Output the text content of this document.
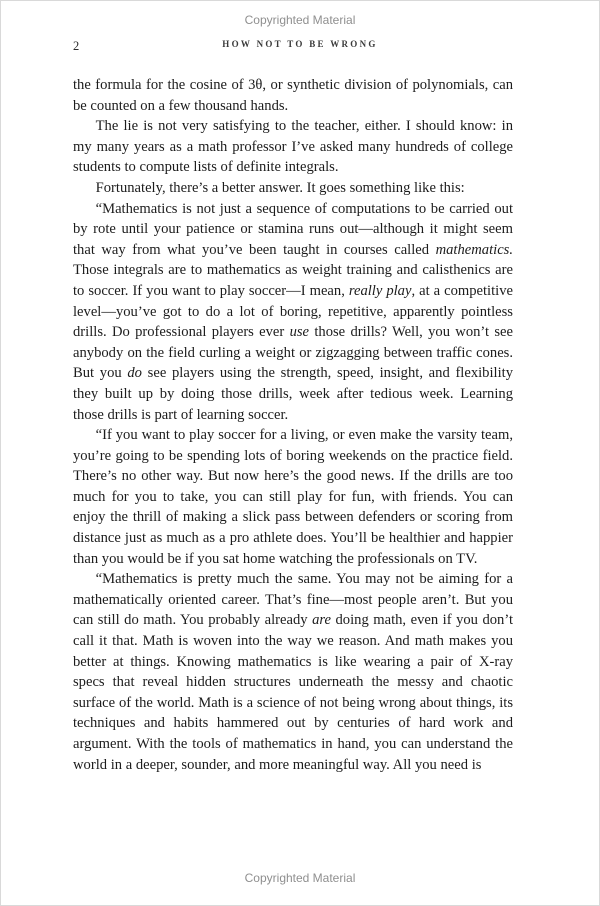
Copyrighted Material
2	HOW NOT TO BE WRONG

the formula for the cosine of 3θ, or synthetic division of polynomials, can be counted on a few thousand hands.

The lie is not very satisfying to the teacher, either. I should know: in my many years as a math professor I’ve asked many hundreds of college students to compute lists of definite integrals.

Fortunately, there’s a better answer. It goes something like this:

“Mathematics is not just a sequence of computations to be carried out by rote until your patience or stamina runs out—although it might seem that way from what you’ve been taught in courses called mathematics. Those integrals are to mathematics as weight training and calisthenics are to soccer. If you want to play soccer—I mean, really play, at a competitive level—you’ve got to do a lot of boring, repetitive, apparently pointless drills. Do professional players ever use those drills? Well, you won’t see anybody on the field curling a weight or zigzagging between traffic cones. But you do see players using the strength, speed, insight, and flexibility they built up by doing those drills, week after tedious week. Learning those drills is part of learning soccer.

“If you want to play soccer for a living, or even make the varsity team, you’re going to be spending lots of boring weekends on the practice field. There’s no other way. But now here’s the good news. If the drills are too much for you to take, you can still play for fun, with friends. You can enjoy the thrill of making a slick pass between defenders or scoring from distance just as much as a pro athlete does. You’ll be healthier and happier than you would be if you sat home watching the professionals on TV.

“Mathematics is pretty much the same. You may not be aiming for a mathematically oriented career. That’s fine—most people aren’t. But you can still do math. You probably already are doing math, even if you don’t call it that. Math is woven into the way we reason. And math makes you better at things. Knowing mathematics is like wearing a pair of X-ray specs that reveal hidden structures underneath the messy and chaotic surface of the world. Math is a science of not being wrong about things, its techniques and habits hammered out by centuries of hard work and argument. With the tools of mathematics in hand, you can understand the world in a deeper, sounder, and more meaningful way. All you need is

Copyrighted Material
